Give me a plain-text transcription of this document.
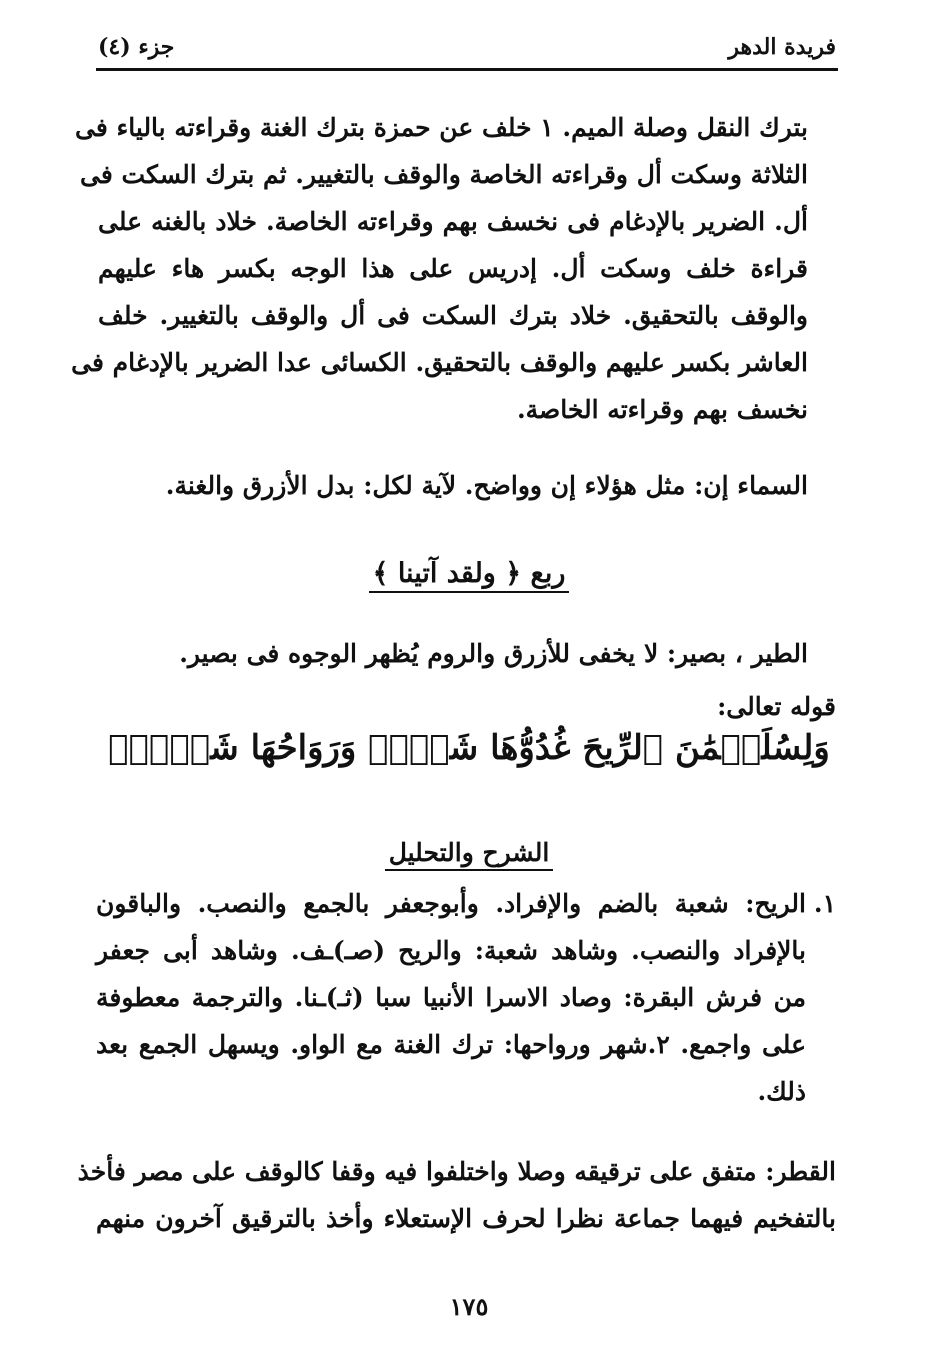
فريدة الدهر
جزء (٤)
بترك النقل وصلة الميم. ١ خلف عن حمزة بترك الغنة وقراءته بالياء فى
الثلاثة وسكت أل وقراءته الخاصة والوقف بالتغيير. ثم بترك السكت فى
أل. الضرير بالإدغام فى نخسف بهم وقراءته الخاصة. خلاد بالغنه على
قراءة خلف وسكت أل. إدريس على هذا الوجه بكسر هاء عليهم
والوقف بالتحقيق. خلاد بترك السكت فى أل والوقف بالتغيير. خلف
العاشر بكسر عليهم والوقف بالتحقيق. الكسائى عدا الضرير بالإدغام فى
نخسف بهم وقراءته الخاصة.
السماء إن: مثل هؤلاء إن وواضح. لآية لكل: بدل الأزرق والغنة.
ربع ﴿ ولقد آتينا ﴾
الطير ، بصير: لا يخفى للأزرق والروم يُظهر الوجوه فى بصير.
قوله تعالى:
وَلِسُلَيۡمَٰنَ ٱلرِّيحَ غُدُوُّهَا شَهۡرٞ وَرَوَاحُهَا شَهۡرٞۖ
الشرح والتحليل
١.الريح: شعبة بالضم والإفراد. وأبوجعفر بالجمع والنصب. والباقون
بالإفراد والنصب. وشاهد شعبة: والريح (صـ)ـف. وشاهد أبى جعفر
من فرش البقرة: وصاد الاسرا الأنبيا سبا (ثـ)ـنا. والترجمة معطوفة
على واجمع. ٢.شهر ورواحها: ترك الغنة مع الواو. ويسهل الجمع بعد
ذلك.
القطر: متفق على ترقيقه وصلا واختلفوا فيه وقفا كالوقف على مصر فأخذ
بالتفخيم فيهما جماعة نظرا لحرف الإستعلاء وأخذ بالترقيق آخرون منهم
١٧٥
